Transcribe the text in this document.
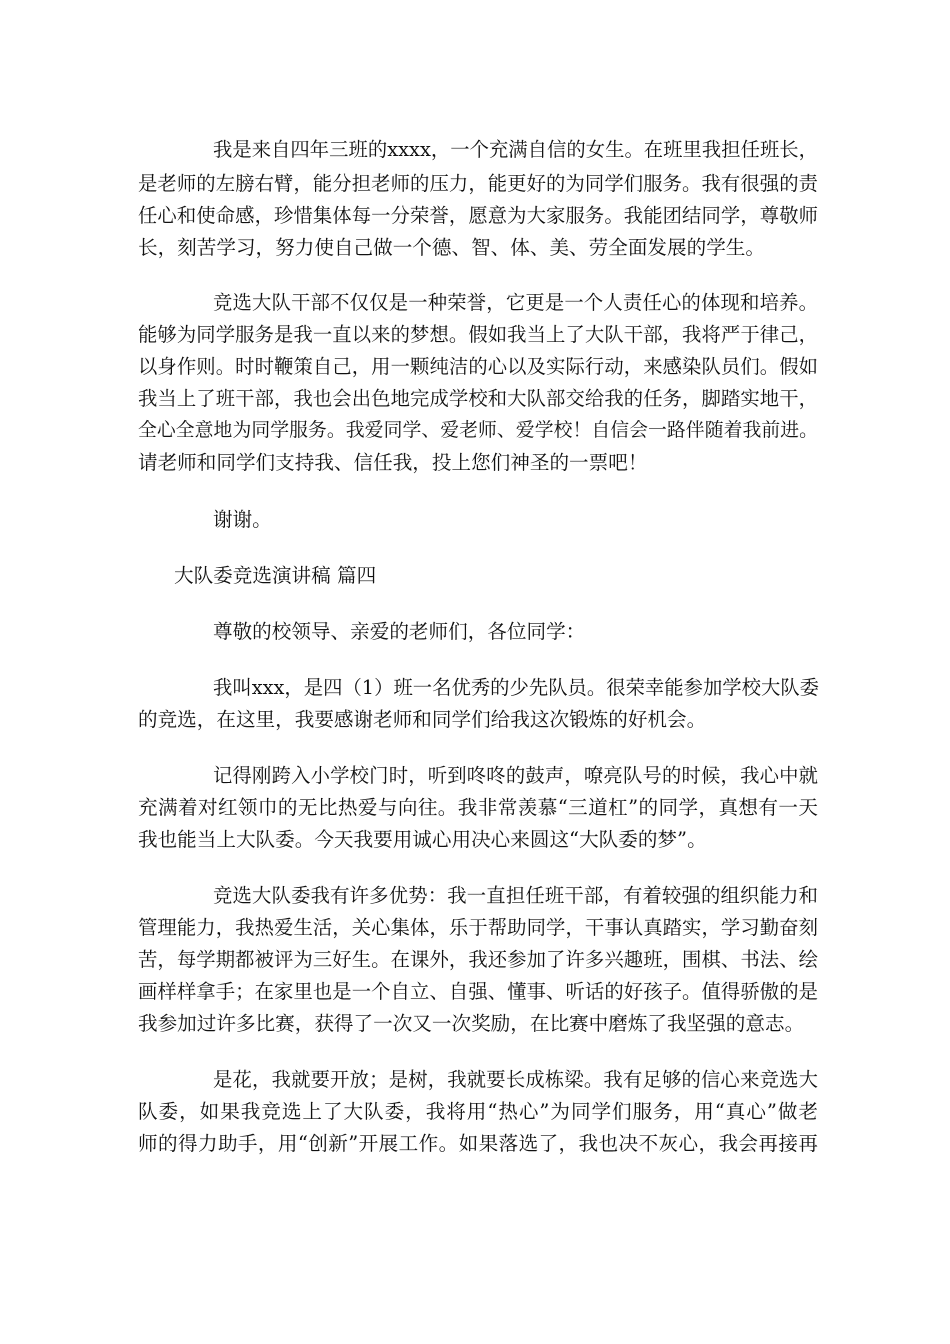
我是来自四年三班的xxxx，一个充满自信的女生。在班里我担任班长，
是老师的左膀右臂，能分担老师的压力，能更好的为同学们服务。我有很强的责
任心和使命感，珍惜集体每一分荣誉，愿意为大家服务。我能团结同学，尊敬师
长，刻苦学习，努力使自己做一个德、智、体、美、劳全面发展的学生。
竞选大队干部不仅仅是一种荣誉，它更是一个人责任心的体现和培养。
能够为同学服务是我一直以来的梦想。假如我当上了大队干部，我将严于律己，
以身作则。时时鞭策自己，用一颗纯洁的心以及实际行动，来感染队员们。假如
我当上了班干部，我也会出色地完成学校和大队部交给我的任务，脚踏实地干，
全心全意地为同学服务。我爱同学、爱老师、爱学校！自信会一路伴随着我前进。
请老师和同学们支持我、信任我，投上您们神圣的一票吧！
谢谢。
大队委竞选演讲稿 篇四
尊敬的校领导、亲爱的老师们，各位同学：
我叫xxx，是四（1）班一名优秀的少先队员。很荣幸能参加学校大队委
的竞选，在这里，我要感谢老师和同学们给我这次锻炼的好机会。
记得刚跨入小学校门时，听到咚咚的鼓声，嘹亮队号的时候，我心中就
充满着对红领巾的无比热爱与向往。我非常羡慕“三道杠”的同学，真想有一天
我也能当上大队委。今天我要用诚心用决心来圆这“大队委的梦”。
竞选大队委我有许多优势：我一直担任班干部，有着较强的组织能力和
管理能力，我热爱生活，关心集体，乐于帮助同学，干事认真踏实，学习勤奋刻
苦，每学期都被评为三好生。在课外，我还参加了许多兴趣班，围棋、书法、绘
画样样拿手；在家里也是一个自立、自强、懂事、听话的好孩子。值得骄傲的是
我参加过许多比赛，获得了一次又一次奖励，在比赛中磨炼了我坚强的意志。
是花，我就要开放；是树，我就要长成栋梁。我有足够的信心来竞选大
队委，如果我竞选上了大队委，我将用“热心”为同学们服务，用“真心”做老
师的得力助手，用“创新”开展工作。如果落选了，我也决不灰心，我会再接再
